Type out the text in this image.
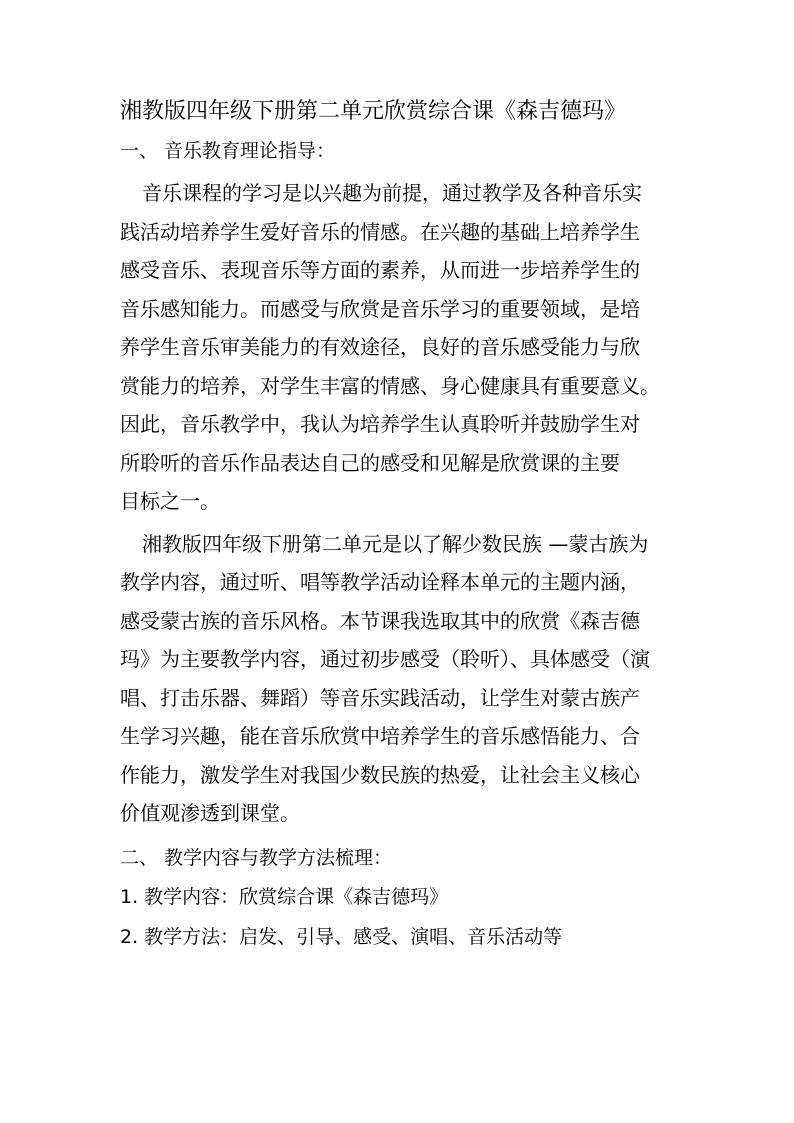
湘教版四年级下册第二单元欣赏综合课《森吉德玛》

一、 音乐教育理论指导：

音乐课程的学习是以兴趣为前提，通过教学及各种音乐实
践活动培养学生爱好音乐的情感。在兴趣的基础上培养学生
感受音乐、表现音乐等方面的素养，从而进一步培养学生的
音乐感知能力。而感受与欣赏是音乐学习的重要领域，是培
养学生音乐审美能力的有效途径，良好的音乐感受能力与欣
赏能力的培养，对学生丰富的情感、身心健康具有重要意义。
因此，音乐教学中，我认为培养学生认真聆听并鼓励学生对
所聆听的音乐作品表达自己的感受和见解是欣赏课的主要
目标之一。
湘教版四年级下册第二单元是以了解少数民族 —蒙古族为
教学内容，通过听、唱等教学活动诠释本单元的主题内涵，
感受蒙古族的音乐风格。本节课我选取其中的欣赏《森吉德
玛》为主要教学内容，通过初步感受（聆听）、具体感受（演
唱、打击乐器、舞蹈）等音乐实践活动，让学生对蒙古族产
生学习兴趣，能在音乐欣赏中培养学生的音乐感悟能力、合
作能力，激发学生对我国少数民族的热爱，让社会主义核心
价值观渗透到课堂。

二、 教学内容与教学方法梳理：

1. 教学内容：欣赏综合课《森吉德玛》

2. 教学方法：启发、引导、感受、演唱、音乐活动等
